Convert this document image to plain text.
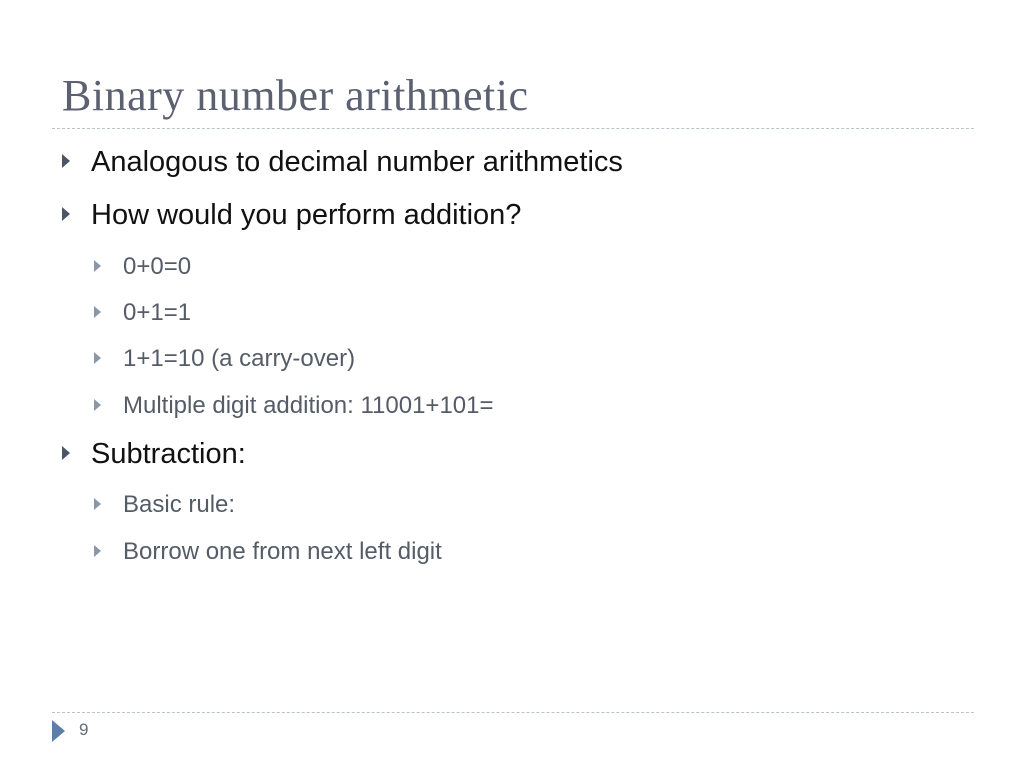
Binary number arithmetic
Analogous to decimal number arithmetics
How would you perform addition?
0+0=0
0+1=1
1+1=10 (a carry-over)
Multiple digit addition: 11001+101=
Subtraction:
Basic rule:
Borrow one from next left digit
9
